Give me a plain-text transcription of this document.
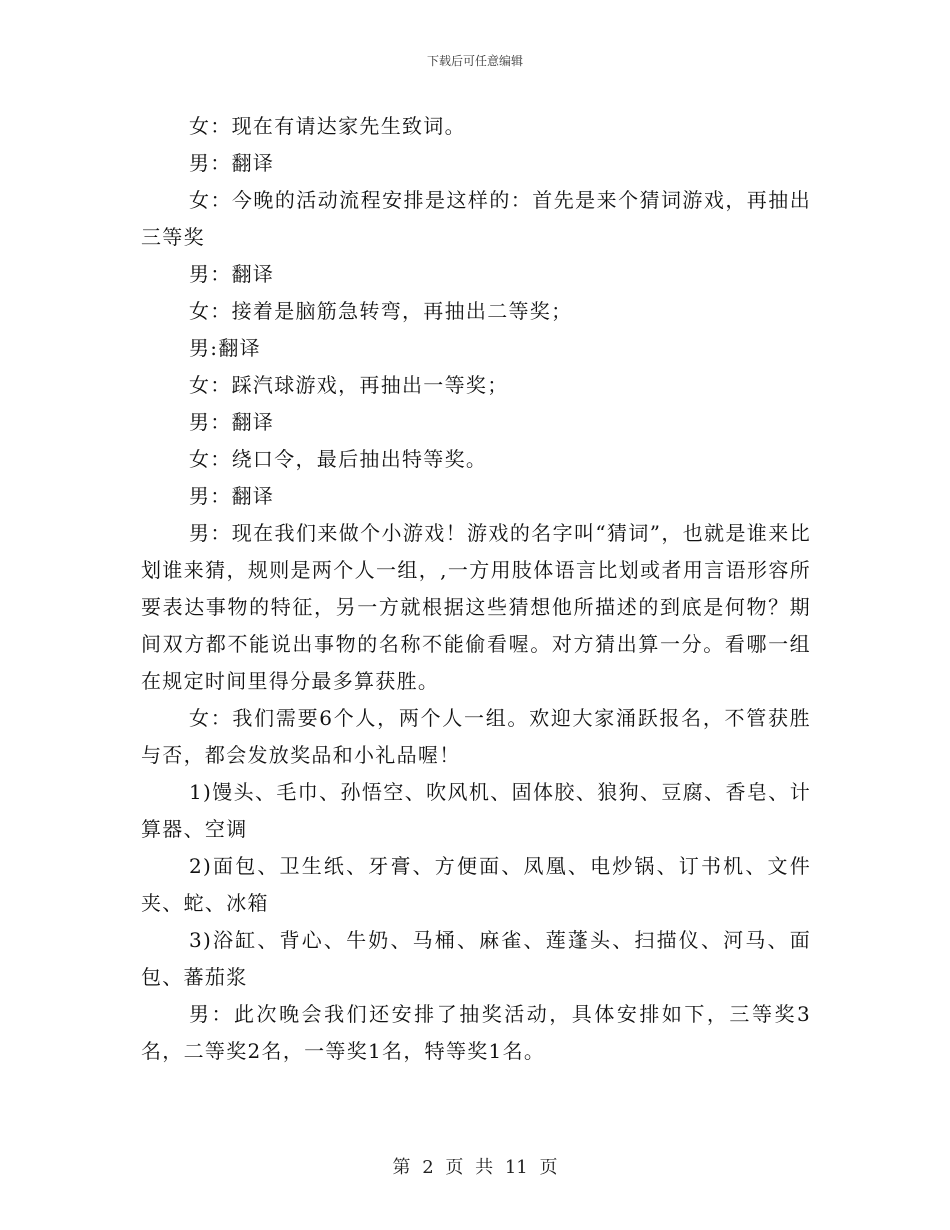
下载后可任意编辑

女：现在有请达家先生致词。

男：翻译

女：今晚的活动流程安排是这样的：首先是来个猜词游戏，再抽出三等奖

男：翻译

女：接着是脑筋急转弯，再抽出二等奖；

男:翻译

女：踩汽球游戏，再抽出一等奖；

男：翻译

女：绕口令，最后抽出特等奖。

男：翻译

男：现在我们来做个小游戏！游戏的名字叫“猜词”，也就是谁来比划谁来猜，规则是两个人一组，,一方用肢体语言比划或者用言语形容所要表达事物的特征，另一方就根据这些猜想他所描述的到底是何物？期间双方都不能说出事物的名称不能偷看喔。对方猜出算一分。看哪一组在规定时间里得分最多算获胜。

女：我们需要6个人，两个人一组。欢迎大家涌跃报名，不管获胜与否，都会发放奖品和小礼品喔！

1)馒头、毛巾、孙悟空、吹风机、固体胶、狼狗、豆腐、香皂、计算器、空调

2)面包、卫生纸、牙膏、方便面、凤凰、电炒锅、订书机、文件夹、蛇、冰箱

3)浴缸、背心、牛奶、马桶、麻雀、莲蓬头、扫描仪、河马、面包、蕃茄浆

男：此次晚会我们还安排了抽奖活动，具体安排如下，三等奖3名，二等奖2名，一等奖1名，特等奖1名。

第 2 页 共 11 页
